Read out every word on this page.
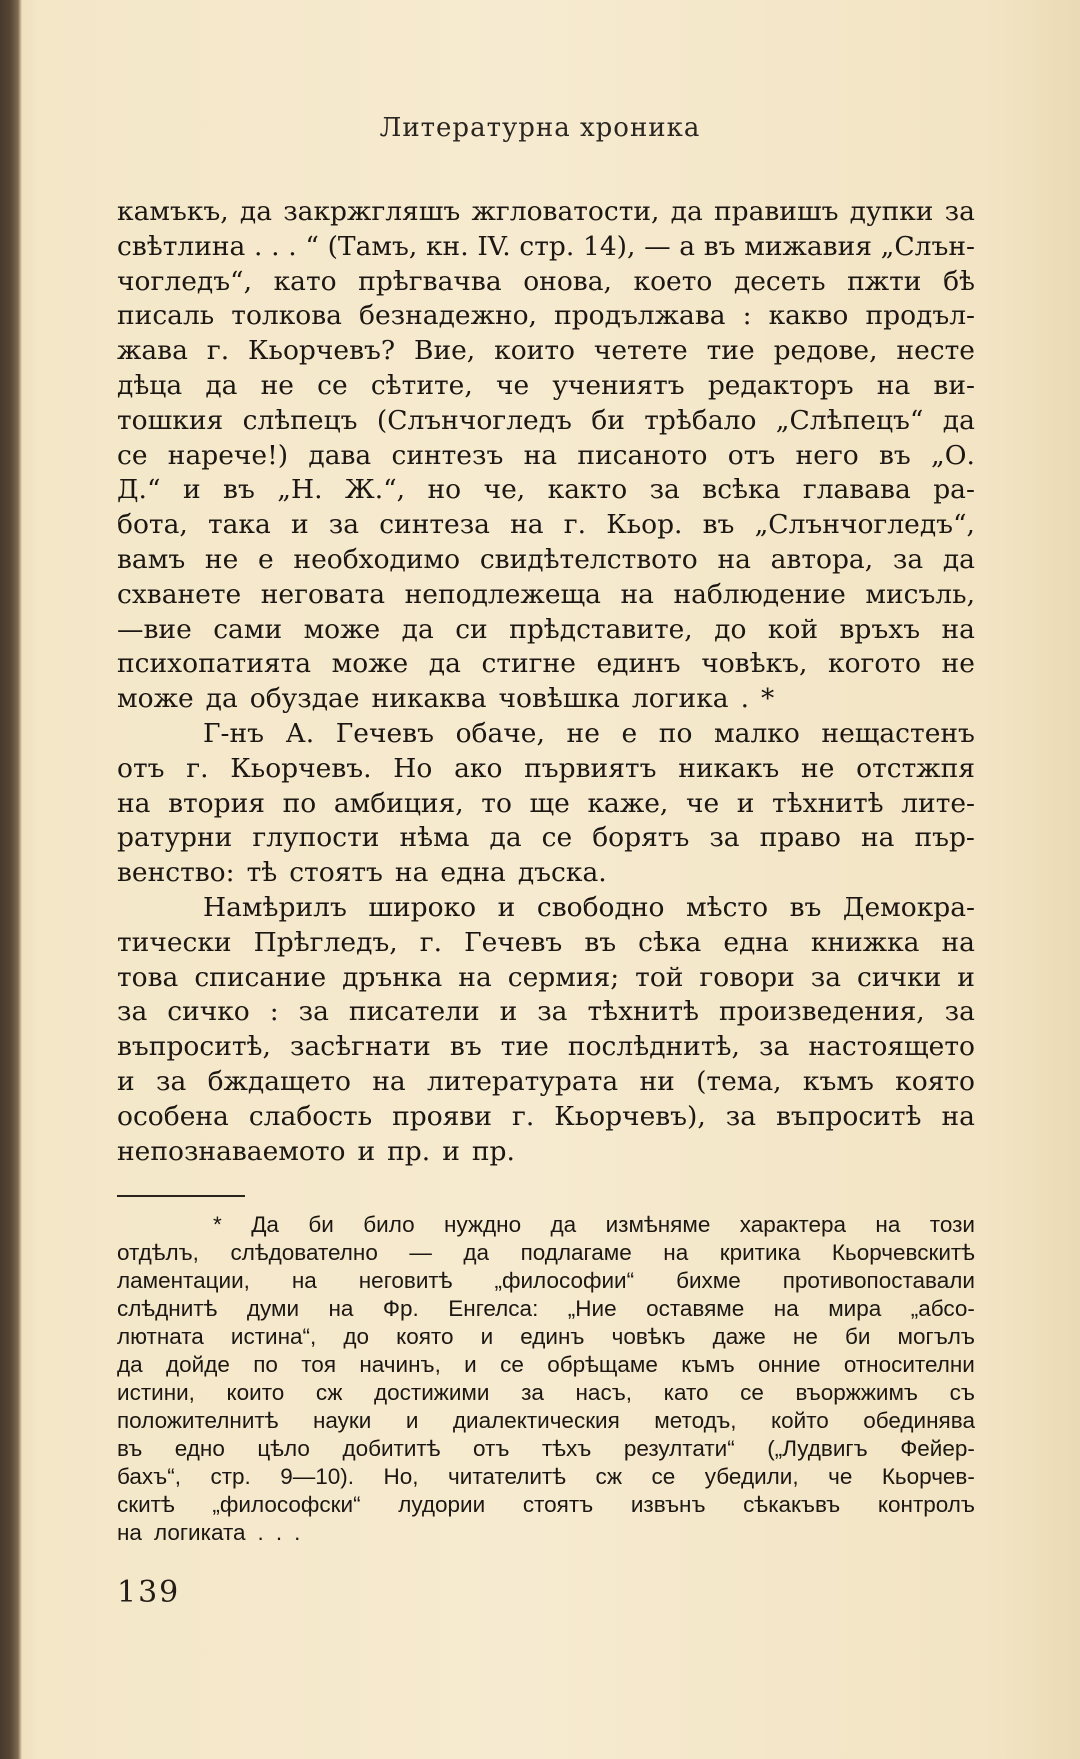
Литературна хроника
камъкъ, да закржгляшъ жгловатости, да правишъ дупки за
свѣтлина . . . “ (Тамъ, кн. IV. стр. 14), — а въ мижавия „Слън-
чогледъ“, като прѣгвачва онова, което десеть пжти бѣ
писаль толкова безнадежно, продължава : какво продъл-
жава г. Кьорчевъ? Вие, които четете тие редове, несте
дѣца да не се сѣтите, че учениятъ редакторъ на ви-
тошкия слѣпецъ (Слънчогледъ би трѣбало „Слѣпецъ“ да
се нарече!) дава синтезъ на писаното отъ него въ „О.
Д.“ и въ „Н. Ж.“, но че, както за всѣка главава ра-
бота, така и за синтеза на г. Кьор. въ „Слънчогледъ“,
вамъ не е необходимо свидѣтелството на автора, за да
схванете неговата неподлежеща на наблюдение мисъль,
—вие сами може да си прѣдставите, до кой връхъ на
психопатията може да стигне единъ човѣкъ, когото не
може да обуздае никаква човѣшка логика . *
Г-нъ А. Гечевъ обаче, не е по малко нещастенъ
отъ г. Кьорчевъ. Но ако първиятъ никакъ не отстжпя
на втория по амбиция, то ще каже, че и тѣхнитѣ лите-
ратурни глупости нѣма да се борятъ за право на пър-
венство: тѣ стоятъ на една дъска.
Намѣрилъ широко и свободно мѣсто въ Демокра-
тически Прѣгледъ, г. Гечевъ въ сѣка една книжка на
това списание дрънка на сермия; той говори за сички и
за сичко : за писатели и за тѣхнитѣ произведения, за
въпроситѣ, засѣгнати въ тие послѣднитѣ, за настоящето
и за бждащето на литературата ни (тема, къмъ която
особена слабость прояви г. Кьорчевъ), за въпроситѣ на
непознаваемото и пр. и пр.
* Да би било нуждно да измѣняме характера на този
отдѣлъ, слѣдователно — да подлагаме на критика Кьорчевскитѣ
ламентации, на неговитѣ „философии“ бихме противопоставали
слѣднитѣ думи на Фр. Енгелса: „Ние оставяме на мира „абсо-
лютната истина“, до която и единъ човѣкъ даже не би могълъ
да дойде по тоя начинъ, и се обрѣщаме къмъ онние относителни
истини, които сж достижими за насъ, като се въоржжимъ съ
положителнитѣ науки и диалектическия методъ, който обединява
въ едно цѣло добититѣ отъ тѣхъ резултати“ („Лудвигъ Фейер-
бахъ“, стр. 9—10). Но, читателитѣ сж се убедили, че Кьорчев-
скитѣ „философски“ лудории стоятъ извънъ сѣкакъвъ контролъ
на логиката . . .
139
